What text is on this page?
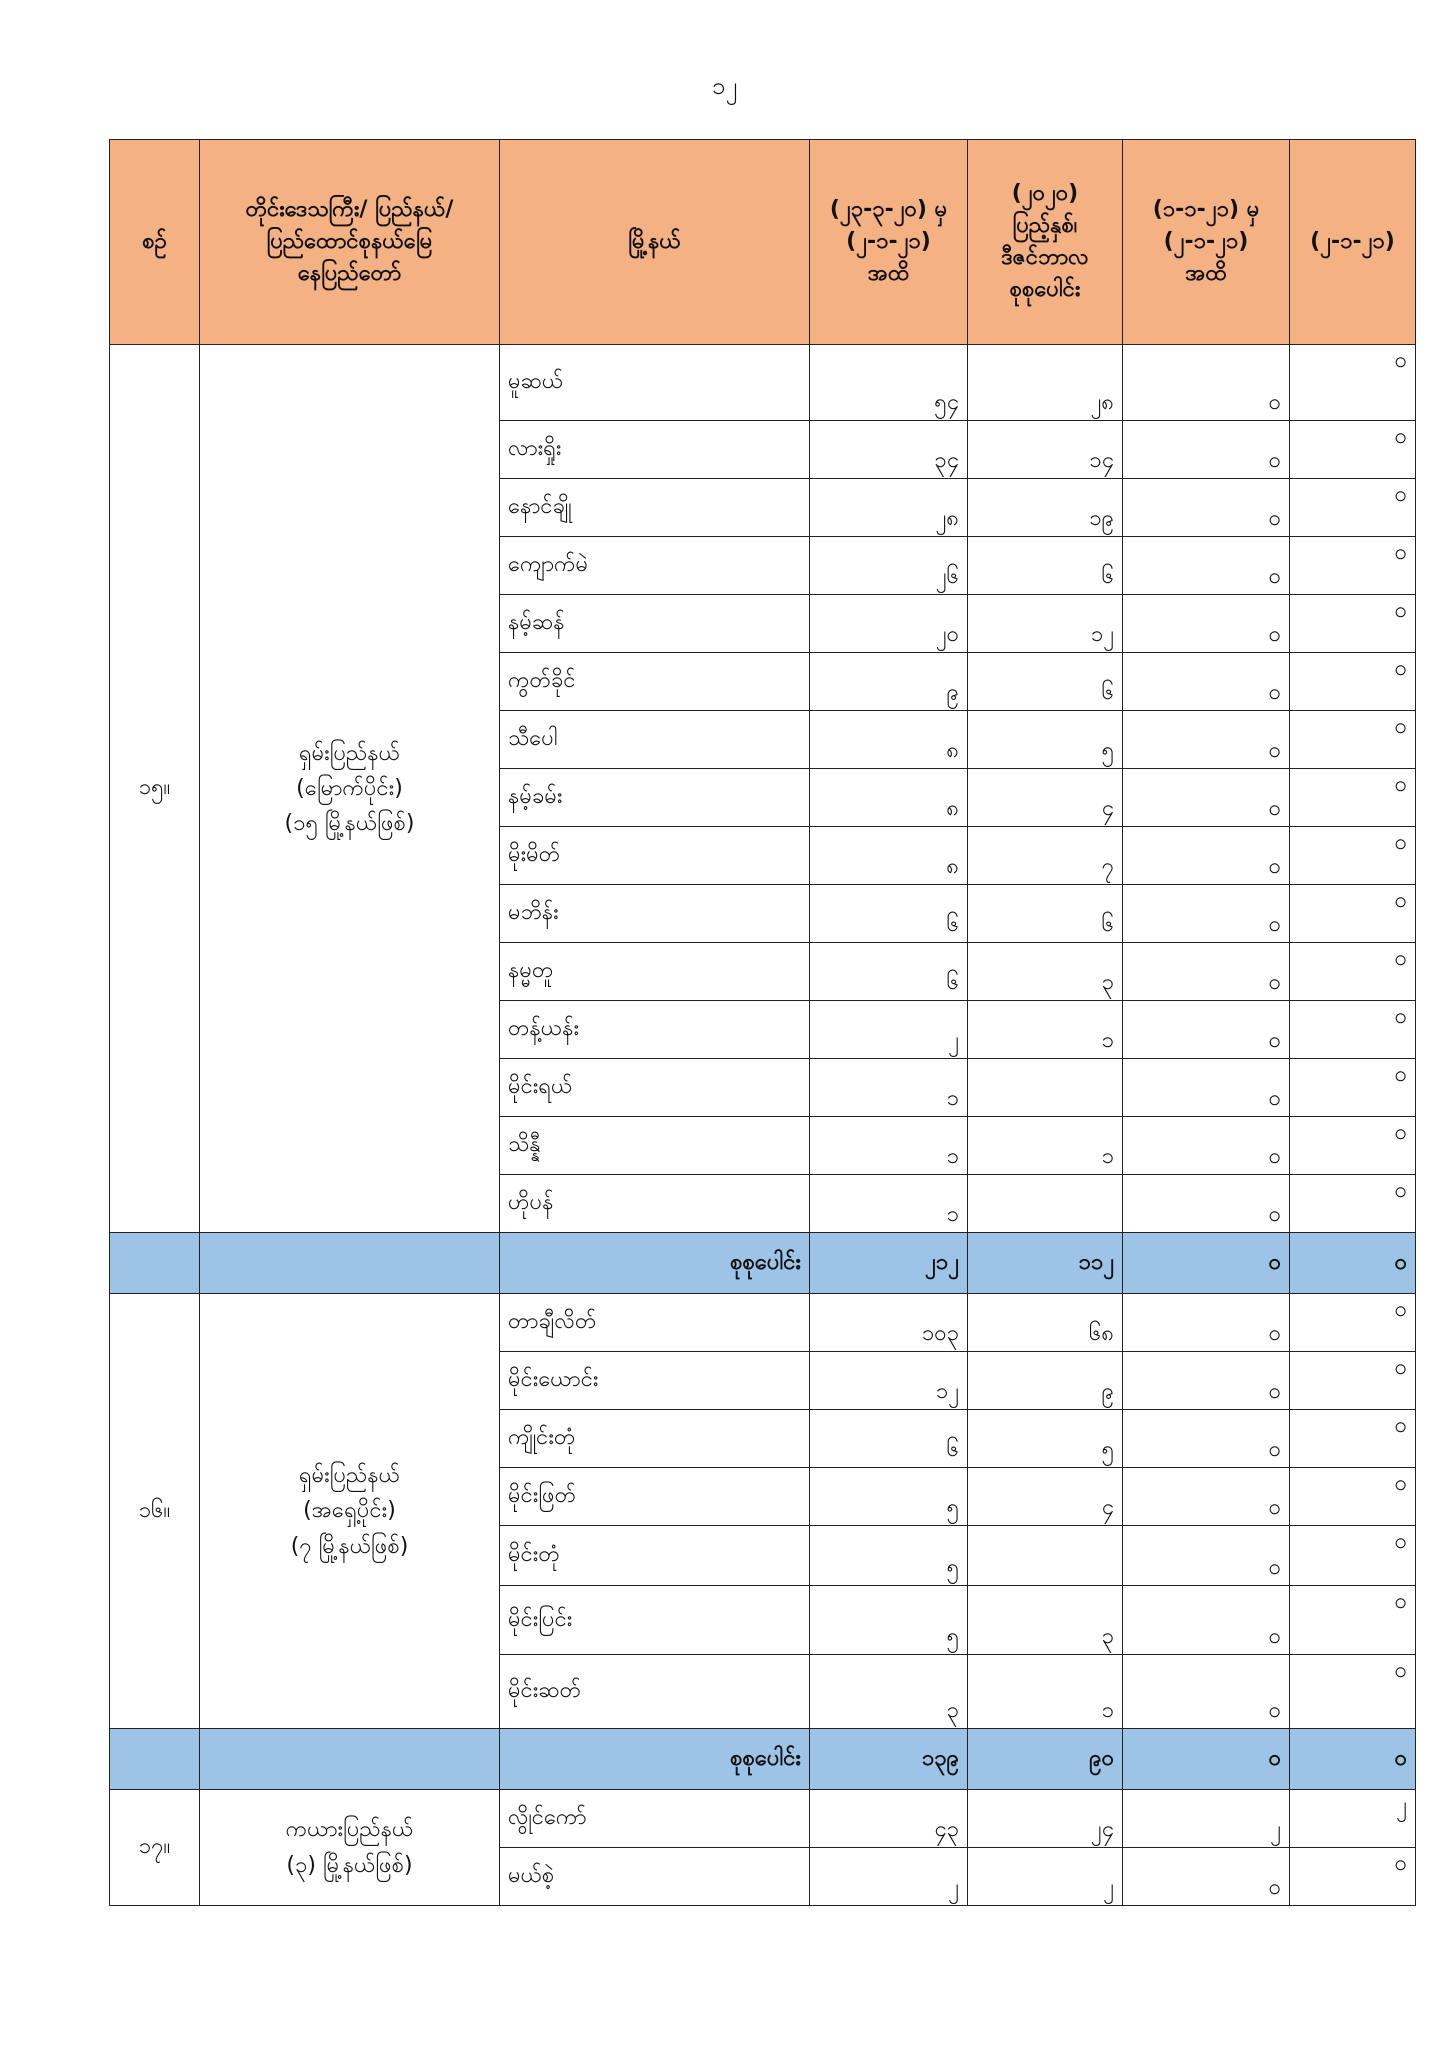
၁၂
စဉ်	တိုင်းဒေသကြီး/ ပြည်နယ်/
ပြည်ထောင်စုနယ်မြေ
နေပြည်တော်	မြို့နယ်	(၂၃-၃-၂၀) မှ
(၂-၁-၂၁)
အထိ	(၂၀၂၀)
ပြည့်နှစ်၊
ဒီဇင်ဘာလ
စုစုပေါင်း	(၁-၁-၂၁) မှ
(၂-၁-၂၁)
အထိ	(၂-၁-၂၁)

၁၅။	ရှမ်းပြည်နယ်
(မြောက်ပိုင်း)
(၁၅ မြို့နယ်ဖြစ်)	မူဆယ်	၅၄	၂၈	၀	၀
		လားရှိုး	၃၄	၁၄	၀	၀
		နောင်ချို	၂၈	၁၉	၀	၀
		ကျောက်မဲ	၂၆	၆	၀	၀
		နမ့်ဆန်	၂၀	၁၂	၀	၀
		ကွတ်ခိုင်	၉	၆	၀	၀
		သီပေါ	၈	၅	၀	၀
		နမ့်ခမ်း	၈	၄	၀	၀
		မိုးမိတ်	၈	၇	၀	၀
		မဘိန်း	၆	၆	၀	၀
		နမ္မတူ	၆	၃	၀	၀
		တန့်ယန်း	၂	၁	၀	၀
		မိုင်းရယ်	၁		၀	၀
		သိန္နီ	၁	၁	၀	၀
		ဟိုပန်	၁		၀	၀
		စုစုပေါင်း	၂၁၂	၁၁၂	၀	၀
၁၆။	ရှမ်းပြည်နယ်
(အရှေ့ပိုင်း)
(၇ မြို့နယ်ဖြစ်)	တာချီလိတ်	၁၀၃	၆၈	၀	၀
		မိုင်းယောင်း	၁၂	၉	၀	၀
		ကျိုင်းတုံ	၆	၅	၀	၀
		မိုင်းဖြတ်	၅	၄	၀	၀
		မိုင်းတုံ	၅		၀	၀
		မိုင်းပြင်း	၅	၃	၀	၀
		မိုင်းဆတ်	၃	၁	၀	၀
		စုစုပေါင်း	၁၃၉	၉၀	၀	၀
၁၇။	ကယားပြည်နယ်
(၃) မြို့နယ်ဖြစ်)	လွိုင်ကော်	၄၃	၂၄	၂	၂
		မယ်စဲ့	၂	၂	၀	၀
